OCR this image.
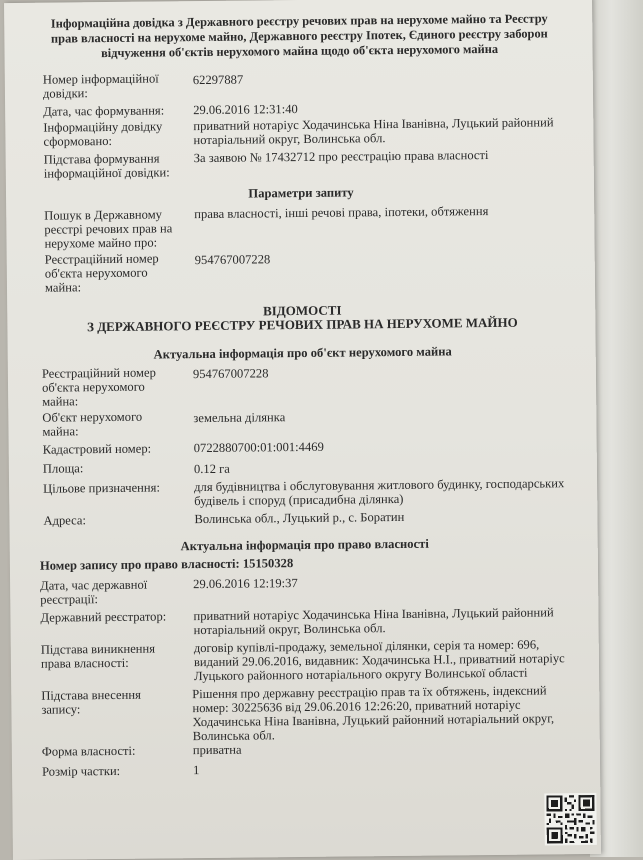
Інформаційна довідка з Державного реєстру речових прав на нерухоме майно та Реєстру
прав власності на нерухоме майно, Державного реєстру Іпотек, Єдиного реєстру заборон
відчуження об'єктів нерухомого майна щодо об'єкта нерухомого майна
Номер інформаційної
довідки:
62297887
Дата, час формування: 29.06.2016 12:31:40
Інформаційну довідку
сформовано:
приватний нотаріус Ходачинська Ніна Іванівна, Луцький районний
нотаріальний округ, Волинська обл.
Підстава формування
інформаційної довідки:
За заявою № 17432712 про реєстрацію права власності
Параметри запиту
Пошук в Державному
реєстрі речових прав на
нерухоме майно про:
права власності, інші речові права, іпотеки, обтяження
Реєстраційний номер
об'єкта нерухомого
майна:
954767007228
ВІДОМОСТІ
З ДЕРЖАВНОГО РЕЄСТРУ РЕЧОВИХ ПРАВ НА НЕРУХОМЕ МАЙНО
Актуальна інформація про об'єкт нерухомого майна
Реєстраційний номер
об'єкта нерухомого
майна:
954767007228
Об'єкт нерухомого
майна:
земельна ділянка
Кадастровий номер:	0722880700:01:001:4469
Площа:	0.12 га
Цільове призначення:	для будівництва і обслуговування житлового будинку, господарських
будівель і споруд (присадибна ділянка)
Адреса:	Волинська обл., Луцький р., с. Боратин
Актуальна інформація про право власності
Номер запису про право власності: 15150328
Дата, час державної
реєстрації:
29.06.2016 12:19:37
Державний реєстратор: приватний нотаріус Ходачинська Ніна Іванівна, Луцький районний
нотаріальний округ, Волинська обл.
Підстава виникнення
права власності:
договір купівлі-продажу, земельної ділянки, серія та номер: 696,
виданий 29.06.2016, видавник: Ходачинська Н.І., приватний нотаріус
Луцького районного нотаріального округу Волинської області
Підстава внесення
запису:
Рішення про державну реєстрацію прав та їх обтяжень, індексний
номер: 30225636 від 29.06.2016 12:26:20, приватний нотаріус
Ходачинська Ніна Іванівна, Луцький районний нотаріальний округ,
Волинська обл.
Форма власності:	приватна
Розмір частки:	1
